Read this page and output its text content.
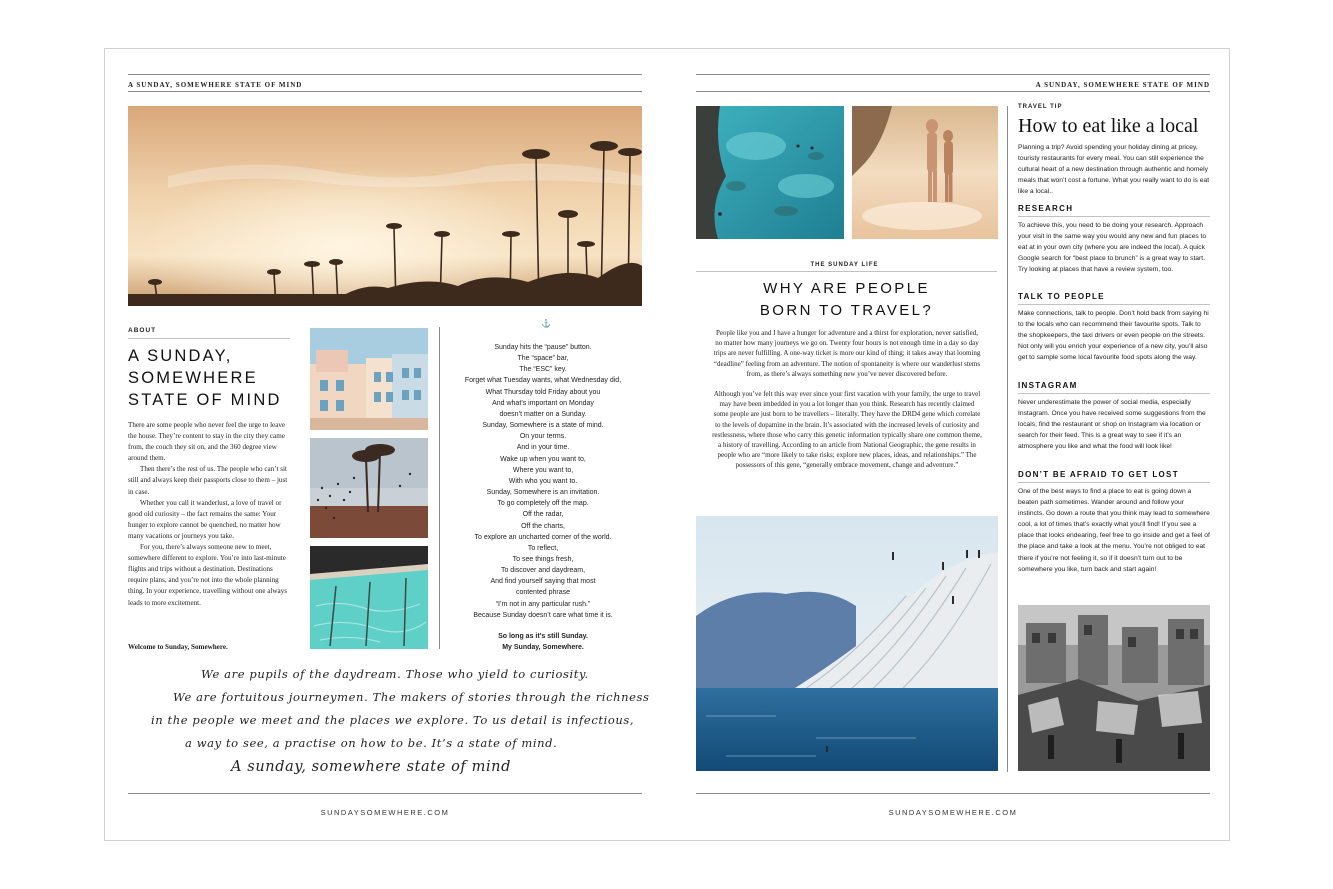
A SUNDAY, SOMEWHERE STATE OF MIND
ABOUT
A SUNDAY,
SOMEWHERE
STATE OF MIND

There are some people who never feel the urge to leave the house. They’re content to stay in the city they came from, the couch they sit on, and the 360 degree view around them.

Then there’s the rest of us. The people who can’t sit still and always keep their passports close to them – just in case.

Whether you call it wanderlust, a love of travel or good old curiosity – the fact remains the same: Your hunger to explore cannot be quenched, no matter how many vacations or journeys you take.

For you, there’s always someone new to meet, somewhere different to explore. You’re into last-minute flights and trips without a destination. Destinations require plans, and you’re not into the whole planning thing. In your experience, travelling without one always leads to more excitement.

Welcome to Sunday, Somewhere.
⚓
Sunday hits the “pause” button.
The “space” bar,
The “ESC” key.
Forget what Tuesday wants, what Wednesday did,
What Thursday told Friday about you
And what’s important on Monday
doesn’t matter on a Sunday.
Sunday, Somewhere is a state of mind.
On your terms.
And in your time.
Wake up when you want to,
Where you want to,
With who you want to.
Sunday, Somewhere is an invitation.
To go completely off the map.
Off the radar,
Off the charts,
To explore an uncharted corner of the world.
To reflect,
To see things fresh,
To discover and daydream,
And find yourself saying that most
contented phrase
“I’m not in any particular rush.”
Because Sunday doesn’t care what time it is.
So long as it’s still Sunday.
My Sunday, Somewhere.
We are pupils of the daydream. Those who yield to curiosity.
We are fortuitous journeymen. The makers of stories through the richness
in the people we meet and the places we explore. To us detail is infectious,
a way to see, a practise on how to be. It’s a state of mind.
A sunday, somewhere state of mind
SUNDAYSOMEWHERE.COM
A SUNDAY, SOMEWHERE STATE OF MIND
THE SUNDAY LIFE
WHY ARE PEOPLE
BORN TO TRAVEL?

People like you and I have a hunger for adventure and a thirst for exploration, never satisfied, no matter how many journeys we go on. Twenty four hours is not enough time in a day so day trips are never fulfilling. A one-way ticket is more our kind of thing; it takes away that looming “deadline” feeling from an adventure. The notion of spontaneity is where our wanderlust stems from, as there’s always something new you’ve never discovered before.

Although you’ve felt this way ever since your first vacation with your family, the urge to travel may have been imbedded in you a lot longer than you think. Research has recently claimed some people are just born to be travellers – literally. They have the DRD4 gene which correlate to the levels of dopamine in the brain. It’s associated with the increased levels of curiosity and restlessness, where those who carry this genetic information typically share one common theme, a history of travelling. According to an article from National Geographic, the gene results in people who are “more likely to take risks; explore new places, ideas, and relationships.” The possessors of this gene, “generally embrace movement, change and adventure.”

TRAVEL TIP
How to eat like a local
Planning a trip? Avoid spending your holiday dining at pricey, touristy restaurants for every meal. You can still experience the cultural heart of a new destination through authentic and homely meals that won’t cost a fortune. What you really want to do is eat like a local..
RESEARCH
To achieve this, you need to be doing your research. Approach your visit in the same way you would any new and fun places to eat at in your own city (where you are indeed the local). A quick Google search for “best place to brunch” is a great way to start. Try looking at places that have a review system, too.
TALK TO PEOPLE
Make connections, talk to people. Don’t hold back from saying hi to the locals who can recommend their favourite spots. Talk to the shopkeepers, the taxi drivers or even people on the streets. Not only will you enrich your experience of a new city, you’ll also get to sample some local favourite food spots along the way.
INSTAGRAM
Never underestimate the power of social media, especially Instagram. Once you have received some suggestions from the locals, find the restaurant or shop on Instagram via location or search for their feed. This is a great way to see if it’s an atmosphere you like and what the food will look like!
DON’T BE AFRAID TO GET LOST
One of the best ways to find a place to eat is going down a beaten path sometimes. Wander around and follow your instincts. Go down a route that you think may lead to somewhere cool, a lot of times that’s exactly what you’ll find! If you see a place that looks endearing, feel free to go inside and get a feel of the place and take a look at the menu. You’re not obliged to eat there if you’re not feeling it, so if it doesn’t turn out to be somewhere you like, turn back and start again!
SUNDAYSOMEWHERE.COM
